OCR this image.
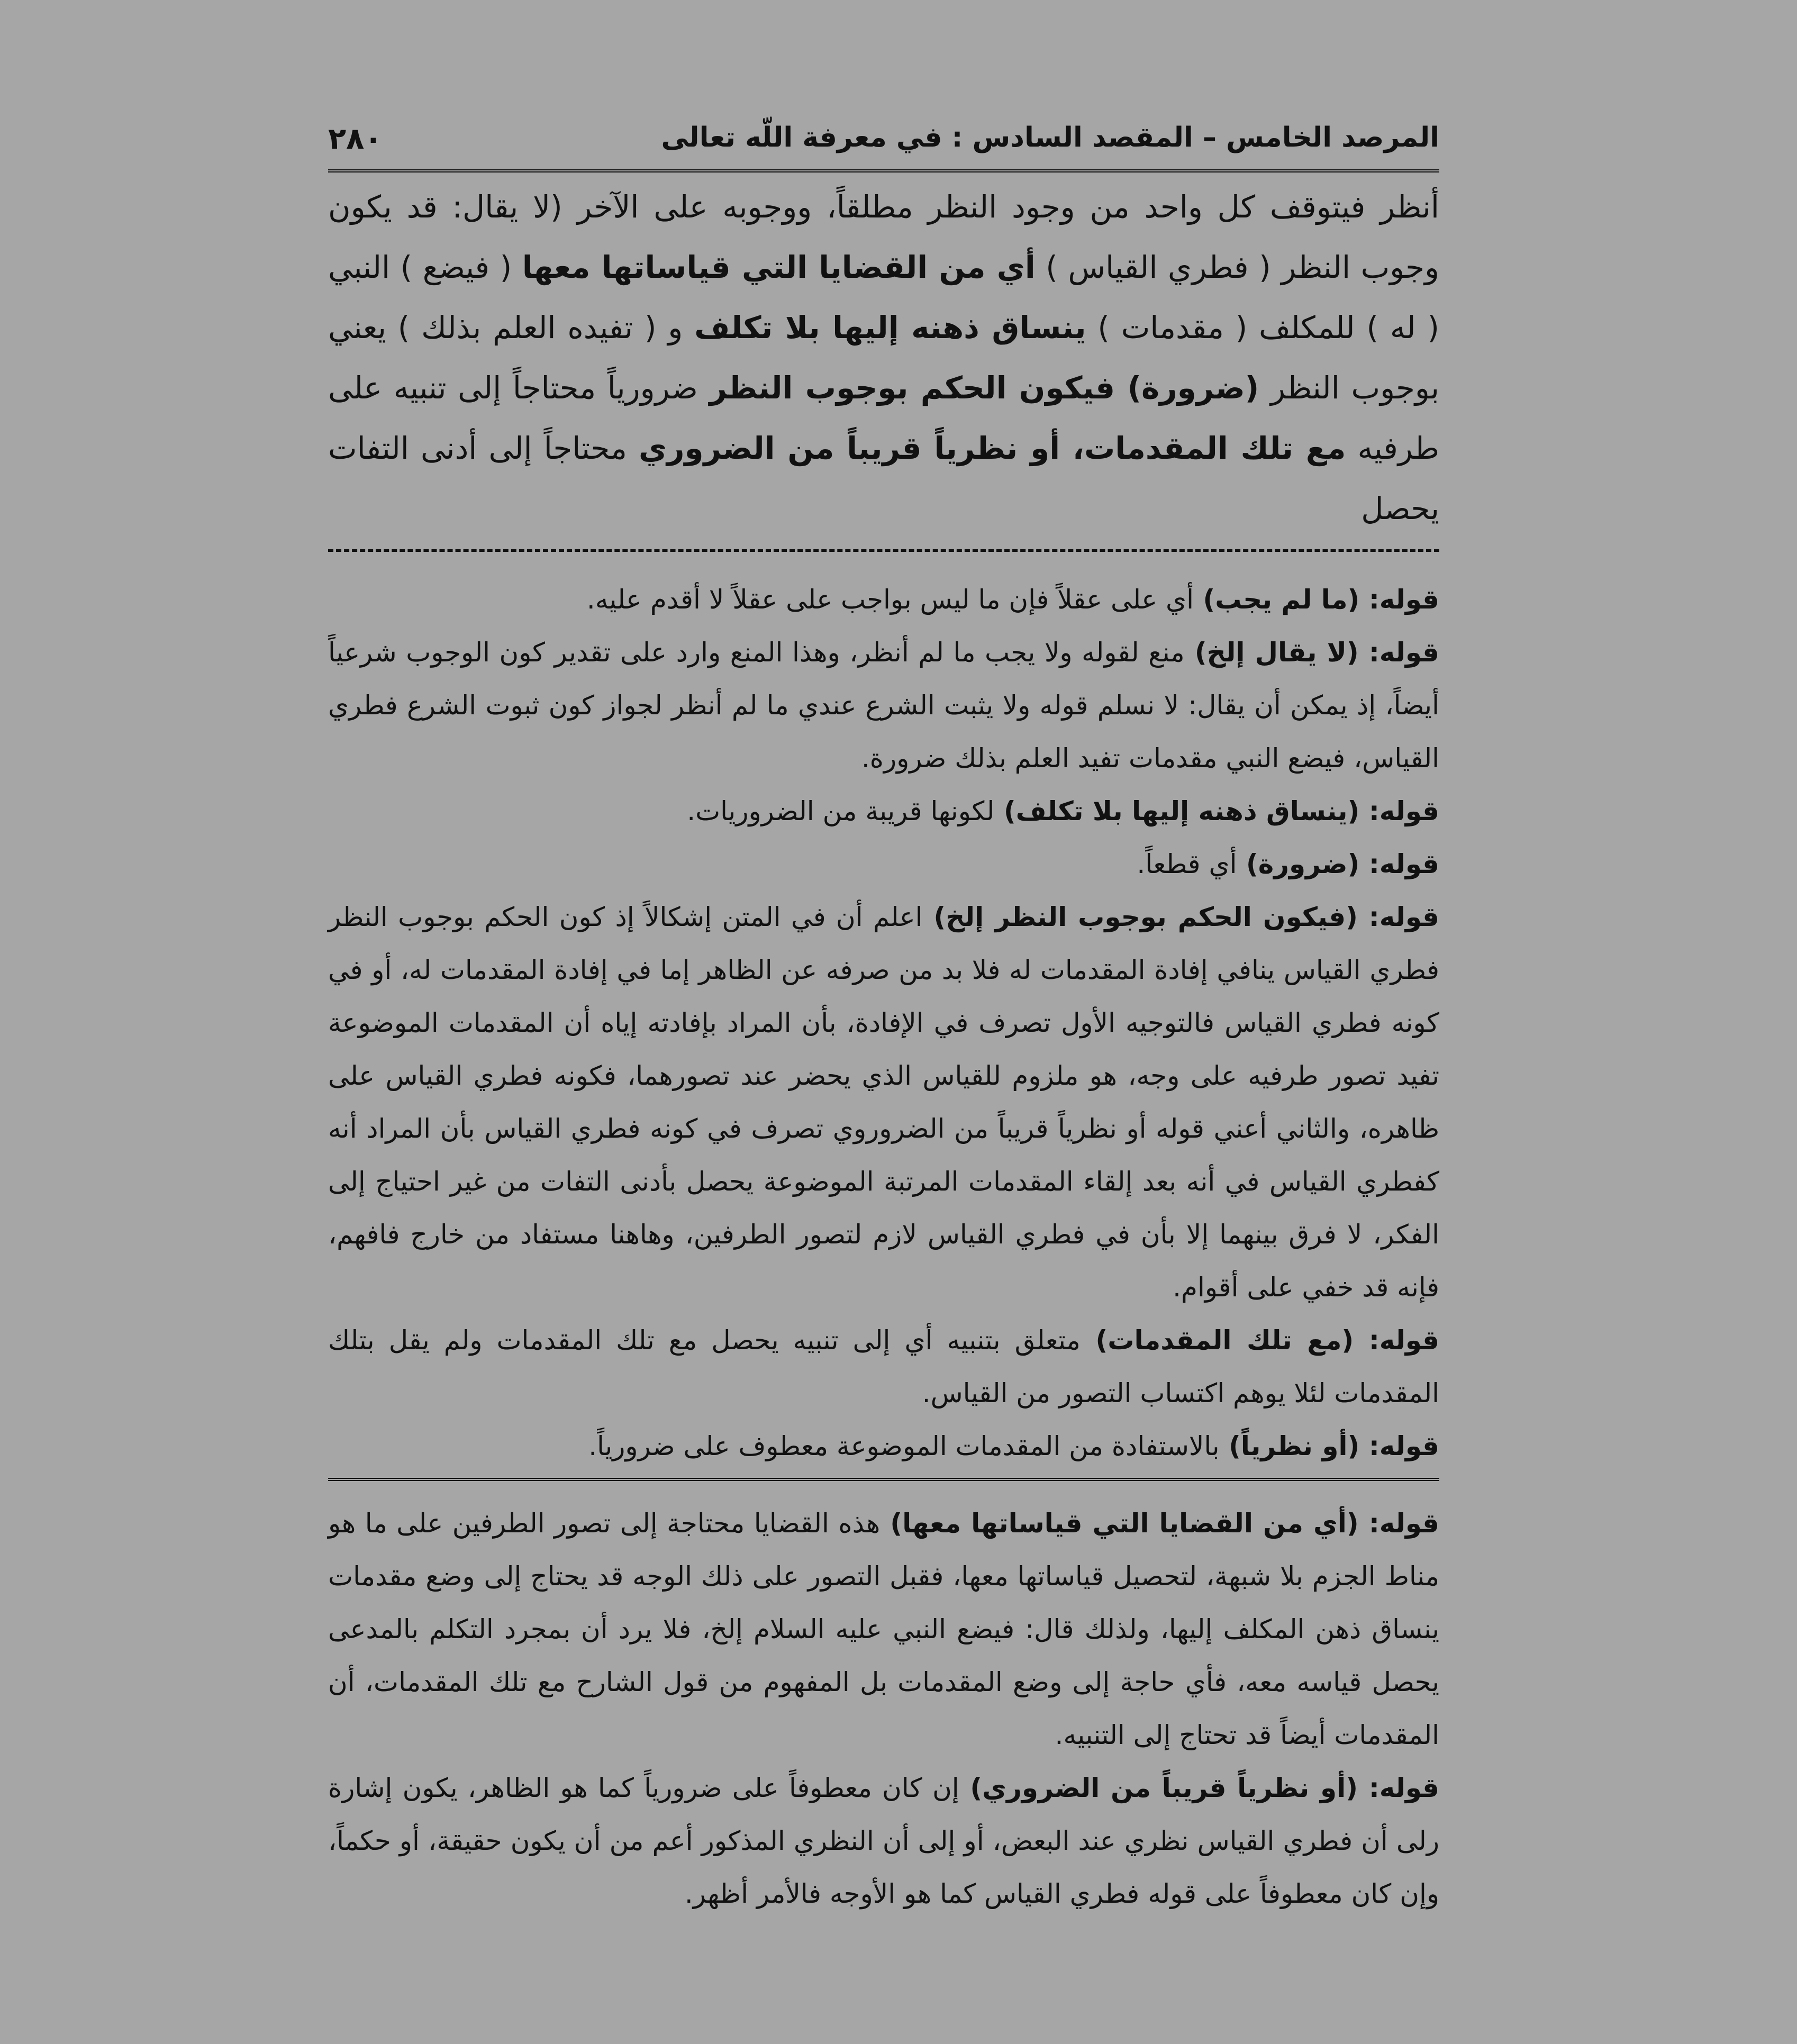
المرصد الخامس – المقصد السادس : في معرفة اللّه تعالى
٢٨٠

أنظر فيتوقف كل واحد من وجود النظر مطلقاً، ووجوبه على الآخر (لا يقال: قد يكون وجوب النظر ( فطري القياس ) أي من القضايا التي قياساتها معها ( فيضع ) النبي ( له ) للمكلف ( مقدمات ) ينساق ذهنه إليها بلا تكلف و ( تفيده العلم بذلك ) يعني بوجوب النظر (ضرورة) فيكون الحكم بوجوب النظر ضرورياً محتاجاً إلى تنبيه على طرفيه مع تلك المقدمات، أو نظرياً قريباً من الضروري محتاجاً إلى أدنى التفات يحصل

قوله: (ما لم يجب) أي على عقلاً فإن ما ليس بواجب على عقلاً لا أقدم عليه.

قوله: (لا يقال إلخ) منع لقوله ولا يجب ما لم أنظر، وهذا المنع وارد على تقدير كون الوجوب شرعياً أيضاً، إذ يمكن أن يقال: لا نسلم قوله ولا يثبت الشرع عندي ما لم أنظر لجواز كون ثبوت الشرع فطري القياس، فيضع النبي مقدمات تفيد العلم بذلك ضرورة.

قوله: (ينساق ذهنه إليها بلا تكلف) لكونها قريبة من الضروريات.

قوله: (ضرورة) أي قطعاً.

قوله: (فيكون الحكم بوجوب النظر إلخ) اعلم أن في المتن إشكالاً إذ كون الحكم بوجوب النظر فطري القياس ينافي إفادة المقدمات له فلا بد من صرفه عن الظاهر إما في إفادة المقدمات له، أو في كونه فطري القياس فالتوجيه الأول تصرف في الإفادة، بأن المراد بإفادته إياه أن المقدمات الموضوعة تفيد تصور طرفيه على وجه، هو ملزوم للقياس الذي يحضر عند تصورهما، فكونه فطري القياس على ظاهره، والثاني أعني قوله أو نظرياً قريباً من الضروروي تصرف في كونه فطري القياس بأن المراد أنه كفطري القياس في أنه بعد إلقاء المقدمات المرتبة الموضوعة يحصل بأدنى التفات من غير احتياج إلى الفكر، لا فرق بينهما إلا بأن في فطري القياس لازم لتصور الطرفين، وهاهنا مستفاد من خارج فافهم، فإنه قد خفي على أقوام.

قوله: (مع تلك المقدمات) متعلق بتنبيه أي إلى تنبيه يحصل مع تلك المقدمات ولم يقل بتلك المقدمات لئلا يوهم اكتساب التصور من القياس.

قوله: (أو نظرياً) بالاستفادة من المقدمات الموضوعة معطوف على ضرورياً.

قوله: (أي من القضايا التي قياساتها معها) هذه القضايا محتاجة إلى تصور الطرفين على ما هو مناط الجزم بلا شبهة، لتحصيل قياساتها معها، فقبل التصور على ذلك الوجه قد يحتاج إلى وضع مقدمات ينساق ذهن المكلف إليها، ولذلك قال: فيضع النبي عليه السلام إلخ، فلا يرد أن بمجرد التكلم بالمدعى يحصل قياسه معه، فأي حاجة إلى وضع المقدمات بل المفهوم من قول الشارح مع تلك المقدمات، أن المقدمات أيضاً قد تحتاج إلى التنبيه.

قوله: (أو نظرياً قريباً من الضروري) إن كان معطوفاً على ضرورياً كما هو الظاهر، يكون إشارة رلى أن فطري القياس نظري عند البعض، أو إلى أن النظري المذكور أعم من أن يكون حقيقة، أو حكماً، وإن كان معطوفاً على قوله فطري القياس كما هو الأوجه فالأمر أظهر.
